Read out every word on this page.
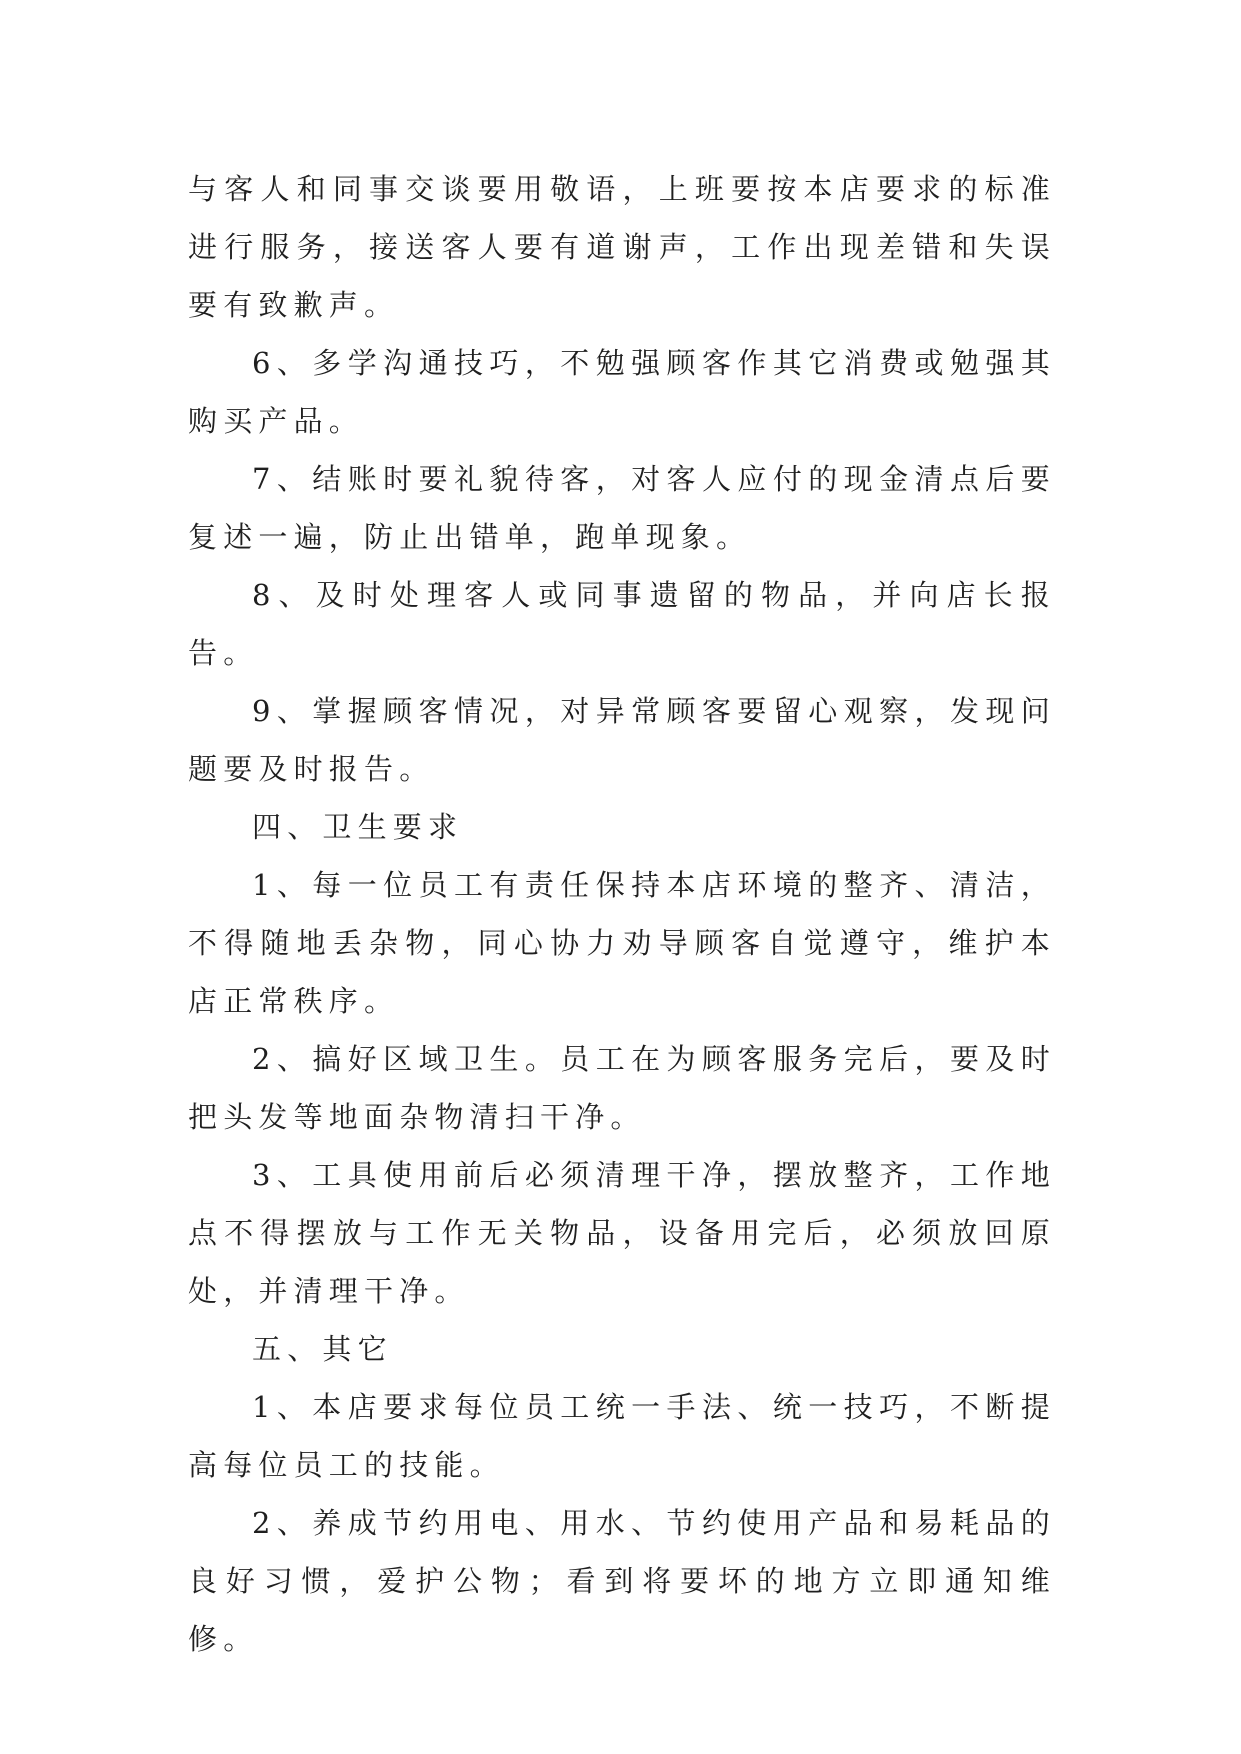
与客人和同事交谈要用敬语，上班要按本店要求的标准进行服务，接送客人要有道谢声，工作出现差错和失误要有致歉声。

6、多学沟通技巧，不勉强顾客作其它消费或勉强其购买产品。

7、结账时要礼貌待客，对客人应付的现金清点后要复述一遍，防止出错单，跑单现象。

8、及时处理客人或同事遗留的物品，并向店长报告。

9、掌握顾客情况，对异常顾客要留心观察，发现问题要及时报告。

四、卫生要求

1、每一位员工有责任保持本店环境的整齐、清洁，不得随地丢杂物，同心协力劝导顾客自觉遵守，维护本店正常秩序。

2、搞好区域卫生。员工在为顾客服务完后，要及时把头发等地面杂物清扫干净。

3、工具使用前后必须清理干净，摆放整齐，工作地点不得摆放与工作无关物品，设备用完后，必须放回原处，并清理干净。

五、其它

1、本店要求每位员工统一手法、统一技巧，不断提高每位员工的技能。

2、养成节约用电、用水、节约使用产品和易耗品的良好习惯，爱护公物；看到将要坏的地方立即通知维修。
